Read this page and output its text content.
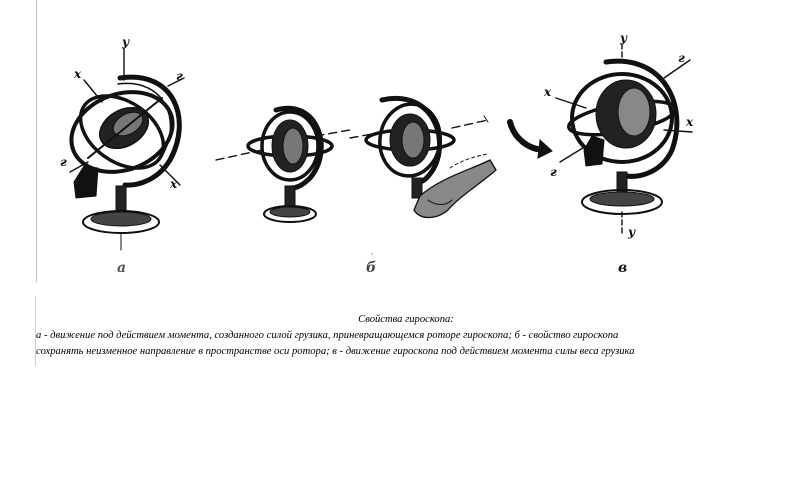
y
x	г
г
x
а	б
y
x
г
x
г
y
в
Свойства гироскопа:
а - движение под действием момента, созданного силой грузика, приневращающемся роторе гироскопа; б - свойство гироскопа
сохранять неизменное направление в пространстве оси ротора; в - движение гироскопа под действием момента силы веса грузика
